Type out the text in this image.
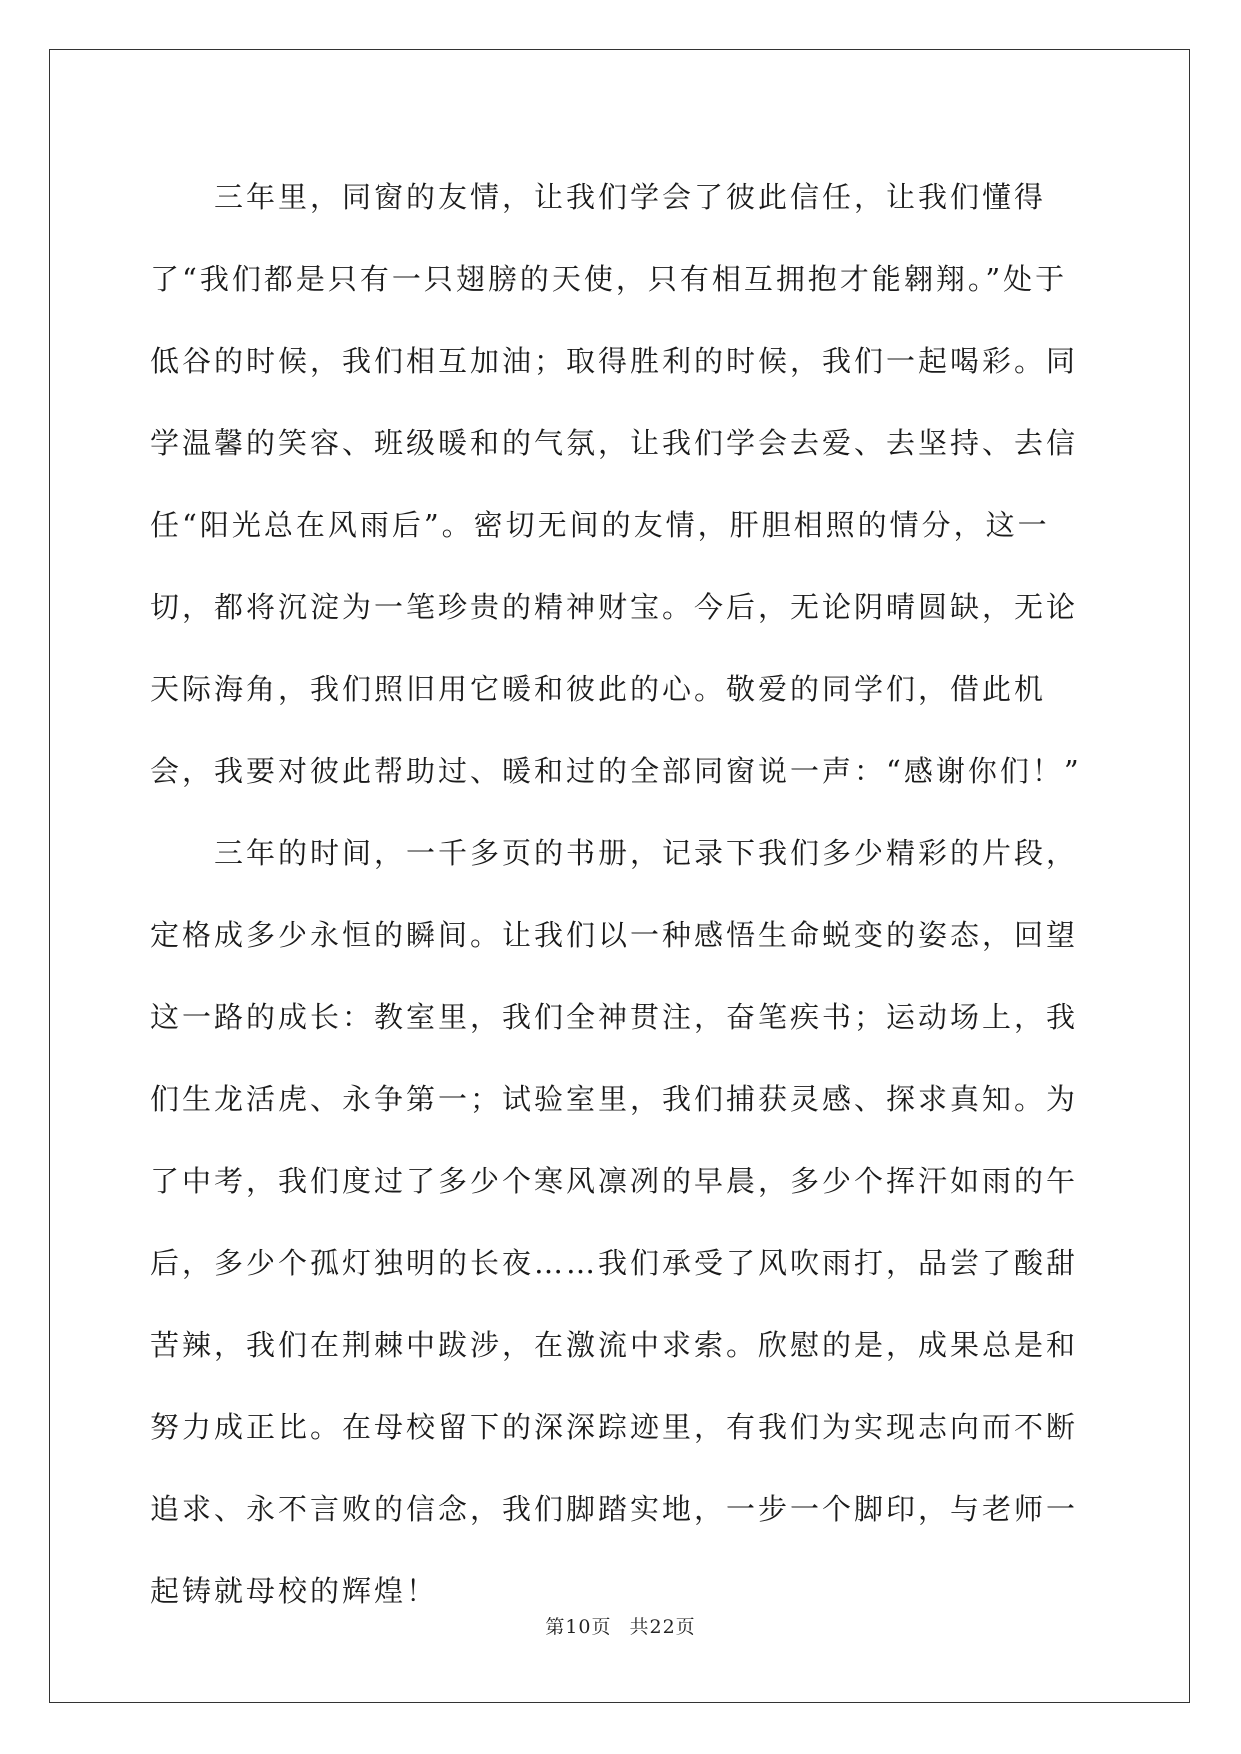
三年里，同窗的友情，让我们学会了彼此信任，让我们懂得了“我们都是只有一只翅膀的天使，只有相互拥抱才能翱翔。”处于低谷的时候，我们相互加油；取得胜利的时候，我们一起喝彩。同学温馨的笑容、班级暖和的气氛，让我们学会去爱、去坚持、去信任“阳光总在风雨后”。密切无间的友情，肝胆相照的情分，这一切，都将沉淀为一笔珍贵的精神财宝。今后，无论阴晴圆缺，无论天际海角，我们照旧用它暖和彼此的心。敬爱的同学们，借此机会，我要对彼此帮助过、暖和过的全部同窗说一声：“感谢你们！”

三年的时间，一千多页的书册，记录下我们多少精彩的片段，定格成多少永恒的瞬间。让我们以一种感悟生命蜕变的姿态，回望这一路的成长：教室里，我们全神贯注，奋笔疾书；运动场上，我们生龙活虎、永争第一；试验室里，我们捕获灵感、探求真知。为了中考，我们度过了多少个寒风凛冽的早晨，多少个挥汗如雨的午后，多少个孤灯独明的长夜……我们承受了风吹雨打，品尝了酸甜苦辣，我们在荆棘中跋涉，在激流中求索。欣慰的是，成果总是和努力成正比。在母校留下的深深踪迹里，有我们为实现志向而不断追求、永不言败的信念，我们脚踏实地，一步一个脚印，与老师一起铸就母校的辉煌！

第10页 共22页
